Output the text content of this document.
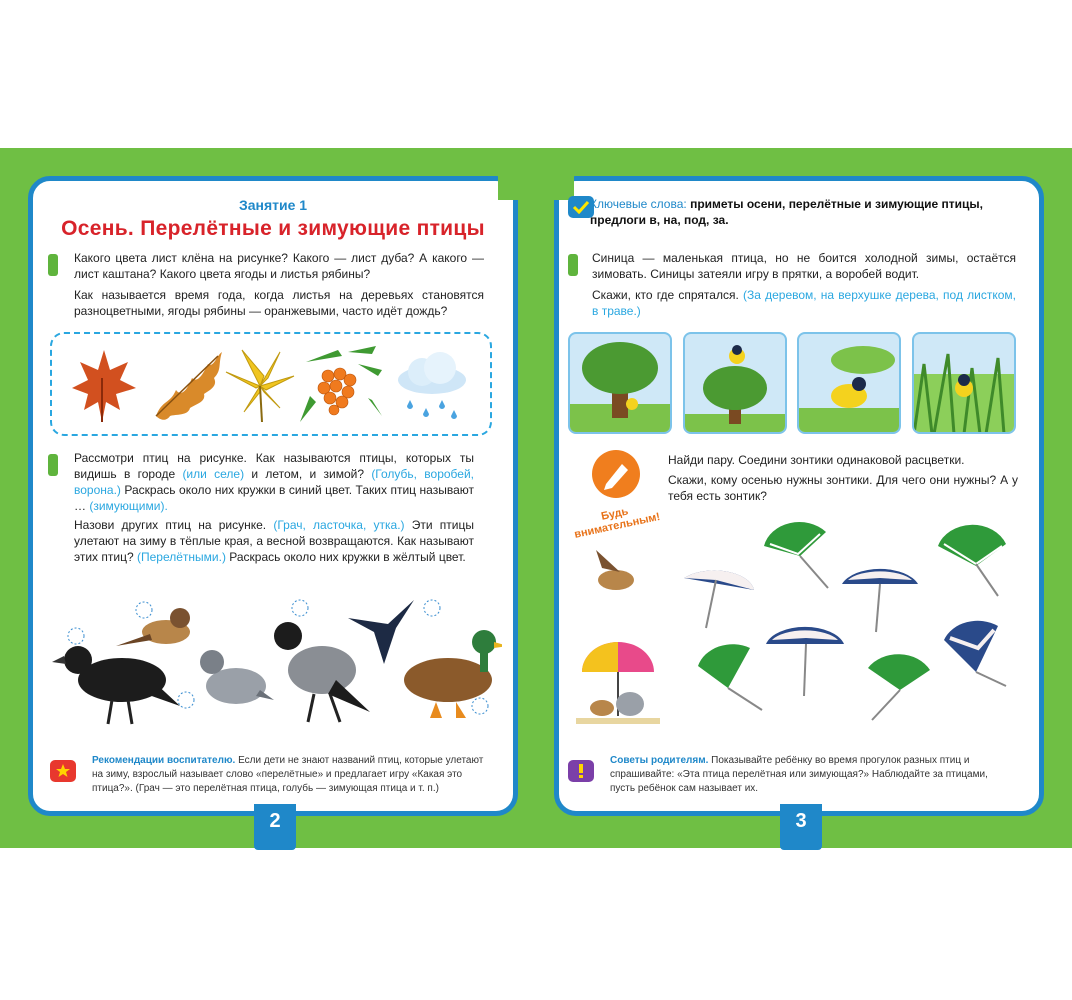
Занятие 1
Осень. Перелётные и зимующие птицы
Какого цвета лист клёна на рисунке? Какого — лист дуба? А какого — лист каштана? Какого цвета ягоды и листья рябины?
Как называется время года, когда листья на деревьях становятся разноцветными, ягоды рябины — оранжевыми, часто идёт дождь?
Рассмотри птиц на рисунке. Как называются птицы, которых ты видишь в городе (или селе) и летом, и зимой? (Голубь, воробей, ворона.) Раскрась около них кружки в синий цвет. Таких птиц называют … (зимующими).
Назови других птиц на рисунке. (Грач, ласточка, утка.) Эти птицы улетают на зиму в тёплые края, а весной возвращаются. Как называют этих птиц? (Перелётными.) Раскрась около них кружки в жёлтый цвет.
Рекомендации воспитателю. Если дети не знают названий птиц, которые улетают на зиму, взрослый называет слово «перелётные» и предлагает игру «Какая это птица?». (Грач — это перелётная птица, голубь — зимующая птица и т. п.)
2
Ключевые слова: приметы осени, перелётные и зимующие птицы, предлоги в, на, под, за.
Синица — маленькая птица, но не боится холодной зимы, остаётся зимовать. Синицы затеяли игру в прятки, а воробей водит.
Скажи, кто где спрятался. (За деревом, на верхушке дерева, под листком, в траве.)
Будь внимательным!
Найди пару. Соедини зонтики одинаковой расцветки.
Скажи, кому осенью нужны зонтики. Для чего они нужны? А у тебя есть зонтик?
Советы родителям. Показывайте ребёнку во время прогулок разных птиц и спрашивайте: «Эта птица перелётная или зимующая?» Наблюдайте за птицами, пусть ребёнок сам называет их.
3
